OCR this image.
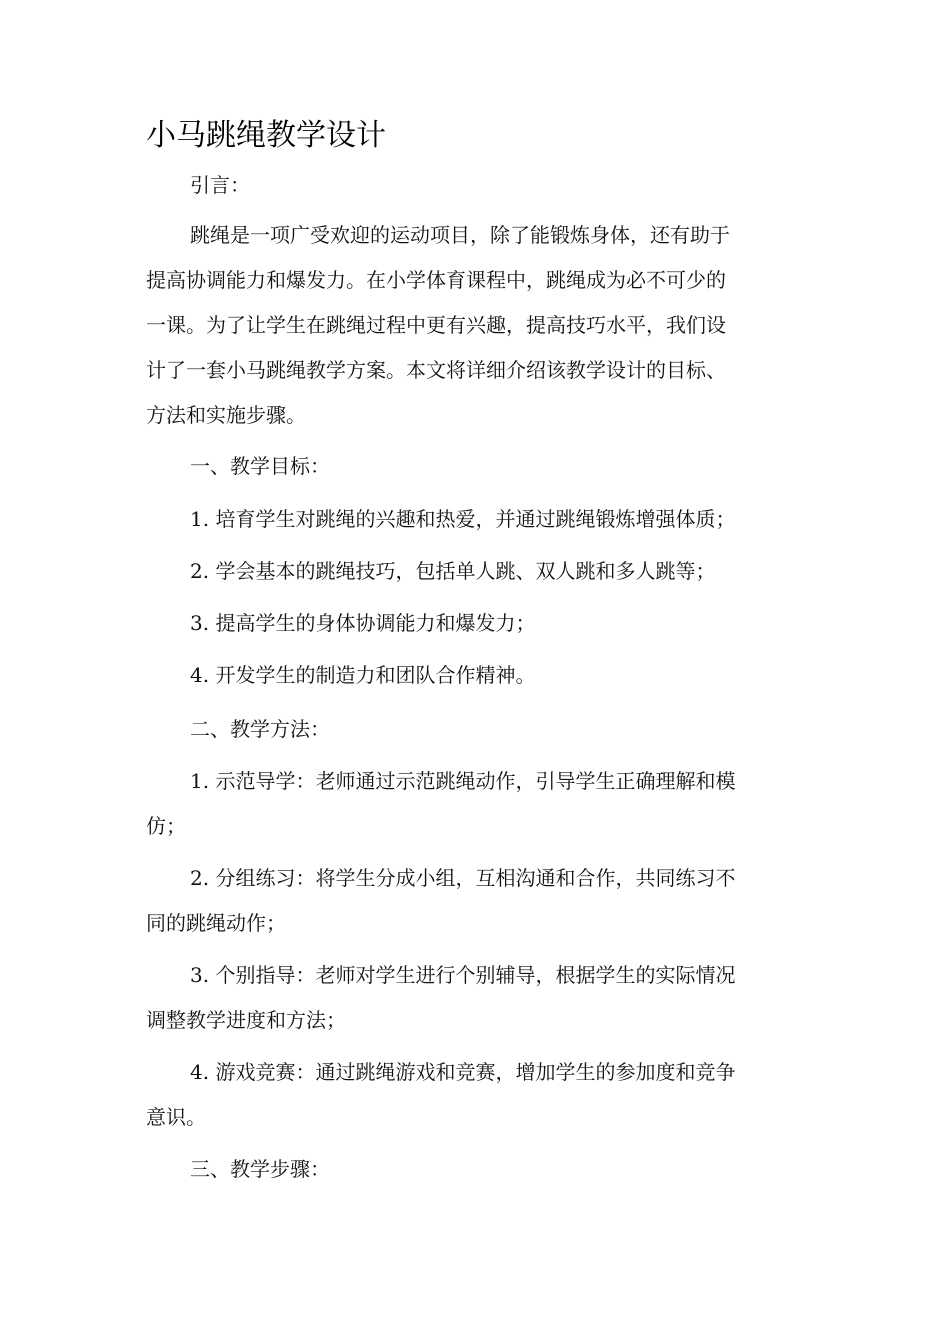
小马跳绳教学设计

引言：

跳绳是一项广受欢迎的运动项目，除了能锻炼身体，还有助于

提高协调能力和爆发力。在小学体育课程中，跳绳成为必不可少的

一课。为了让学生在跳绳过程中更有兴趣，提高技巧水平，我们设

计了一套小马跳绳教学方案。本文将详细介绍该教学设计的目标、

方法和实施步骤。

一、教学目标：

1. 培育学生对跳绳的兴趣和热爱，并通过跳绳锻炼增强体质；

2. 学会基本的跳绳技巧，包括单人跳、双人跳和多人跳等；

3. 提高学生的身体协调能力和爆发力；

4. 开发学生的制造力和团队合作精神。

二、教学方法：

1. 示范导学：老师通过示范跳绳动作，引导学生正确理解和模

仿；

2. 分组练习：将学生分成小组，互相沟通和合作，共同练习不

同的跳绳动作；

3. 个别指导：老师对学生进行个别辅导，根据学生的实际情况

调整教学进度和方法；

4. 游戏竞赛：通过跳绳游戏和竞赛，增加学生的参加度和竞争

意识。

三、教学步骤：
